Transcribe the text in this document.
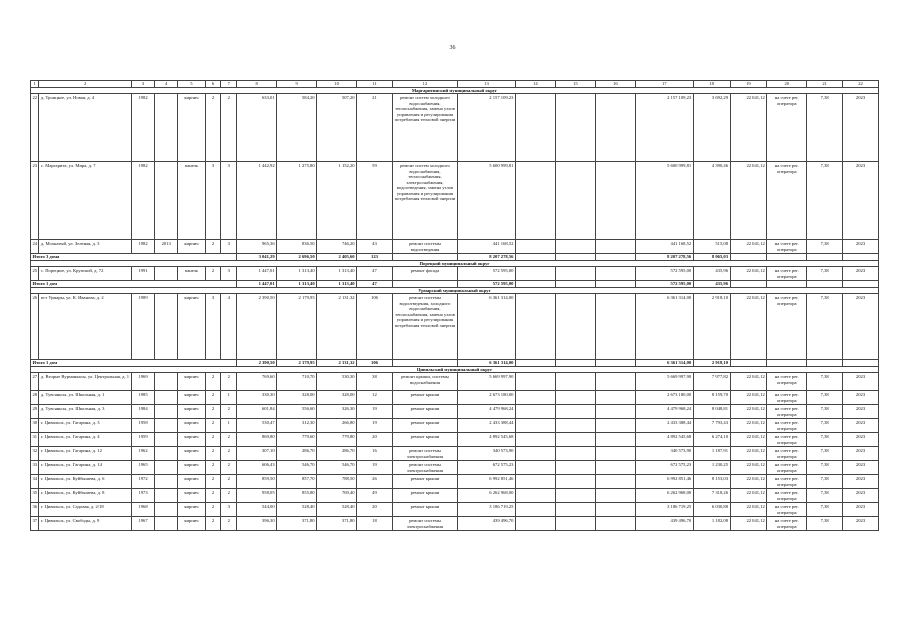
36
1	2	3	4	5	6	7	8	9	10	11	12	13	14	15	16	17	18	19	20	21	22
Маргаритинский муниципальный округ																					
22	д. Троицкое, ул. Новая, д. 4	1982		кирпич	2	2	633,01	584,20	507,20	21	ремонт систем холодного водоснабжения, теплоснабжения, замена узлов управления и регулирования потребления тепловой энергии	2 157 109,23				2 157 109,23	3 692,29	22 041,12	на счете рег. оператора	7,38	2023
23	с. Маргарита, ул. Мира, д. 7	1982		панель	3	3	1 442,92	1 275,80	1 152,20	59	ремонт систем холодного водоснабжения, теплоснабжения, электроснабжения, водоотведения, замена узлов управления и регулирования потребления тепловой энергии	5 600 999,81				5 600 999,81	4 390,46	22 041,12	на счете рег. оператора	7,38	2023
24	д. Мохнатый, ул. Зеленая, д. 3	1982	2013	кирпич	2	3	965,36	836,50	746,20	43	ремонт системы водоотведения	441 168,52				441 168,52	515,08	22 041,12	на счете рег. оператора	7,38	2023
Итого 3 дома							3 041,29	2 696,50	2 405,60	123		8 207 278,56				8 207 278,56	8 065,03				
Порецкий муниципальный округ																					
25	с. Порецкое, ул. Крупской, д. 72	1991		панель	2	3	1 447,01	1 313,40	1 313,40	47	ремонт фасада	572 595,00				572 595,00	435,96	22 041,12	на счете рег. оператора	7,38	2023
Итого 1 дом							1 447,01	1 313,40	1 313,40	47		572 595,00				572 595,00	435,96				
Урмарский муниципальный округ																					
26	пгт Урмары, ул. К. Иванова, д. 2	1989		кирпич	3	4	2 390,50	2 179,95	2 131,32	106	ремонт системы водоотведения, холодного водоснабжения, теплоснабжения, замена узлов управления и регулирования потребления тепловой энергии	6 361 314,00				6 361 314,00	2 918,10	22 041,12	на счете рег. оператора	7,38	2023
Итого 1 дом							2 390,50	2 179,95	2 131,32	106		6 361 314,00				6 361 314,00	2 918,10				
Цивильский муниципальный округ																					
27	д. Вторые Вурманкасы, ул. Центральная, д. 1	1969		кирпич	2	2	769,60	710,70	530,30	38	ремонт крыши, системы водоснабжения	5 669 997,90				5 669 997,90	7 977,82	22 041,12	на счете рег. оператора	7,38	2023
28	д. Тувсяньсы, ул. Школьная, д. 1	1985		кирпич	2	1	330,30	328,00	328,00	12	ремонт крыши	2 673 180,00				2 673 180,00	8 159,70	22 041,12	на счете рег. оператора	7,38	2023
29	д. Тувсяньсы, ул. Школьная, д. 3	1984		кирпич	2	2	601,84	556,60	326,30	19	ремонт крыши	4 479 968,24				4 479 968,24	8 048,81	22 041,12	на счете рег. оператора	7,38	2023
30	г. Цивильск, ул. Гагарина, д. 3	1958		кирпич	2	1	530,47	312,30	266,80	19	ремонт крыши	2 433 388,44				2 433 388,44	7 793,43	22 041,12	на счете рег. оператора	7,38	2023
31	г. Цивильск, ул. Гагарина, д. 4	1959		кирпич	2	2	869,80	779,60	779,80	20	ремонт крыши	4 892 545,68				4 892 545,68	6 274,10	22 041,12	на счете рег. оператора	7,38	2023
32	г. Цивильск, ул. Гагарина, д. 12	1962		кирпич	2	2	307,10	286,70	286,70	16	ремонт системы электроснабжения	340 573,90				340 573,90	1 187,91	22 041,12	на счете рег. оператора	7,38	2023
33	г. Цивильск, ул. Гагарина, д. 14	1965		кирпич	2	2	606,43	546,70	546,70	19	ремонт системы электроснабжения	672 575,23				672 575,23	1 230,25	22 041,12	на счете рег. оператора	7,38	2023
34	г. Цивильск, ул. Куйбышева, д. 6	1972		кирпич	2	2	859,50	857,70	788,50	26	ремонт крыши	6 992 851,46				6 992 851,46	8 153,03	22 041,12	на счете рег. оператора	7,38	2023
35	г. Цивильск, ул. Куйбышева, д. 8	1973		кирпич	2	2	958,05	855,80	769,40	49	ремонт крыши	6 262 968,00				6 262 968,00	7 318,26	22 041,12	на счете рег. оператора	7,38	2023
36	г. Цивильск, ул. Садовая, д. 2/18	1968		кирпич	2	3	544,00	528,40	528,40	20	ремонт крыши	3 186 719,25				3 186 719,25	6 030,88	22 041,12	на счете рег. оператора	7,38	2023
37	г. Цивильск, ул. Свободы, д. 9	1967		кирпич	2	2	396,30	371,80	371,80	18	ремонт системы электроснабжения	439 496,70				439 496,70	1 182,08	22 041,12	на счете рег. оператора	7,38	2023
